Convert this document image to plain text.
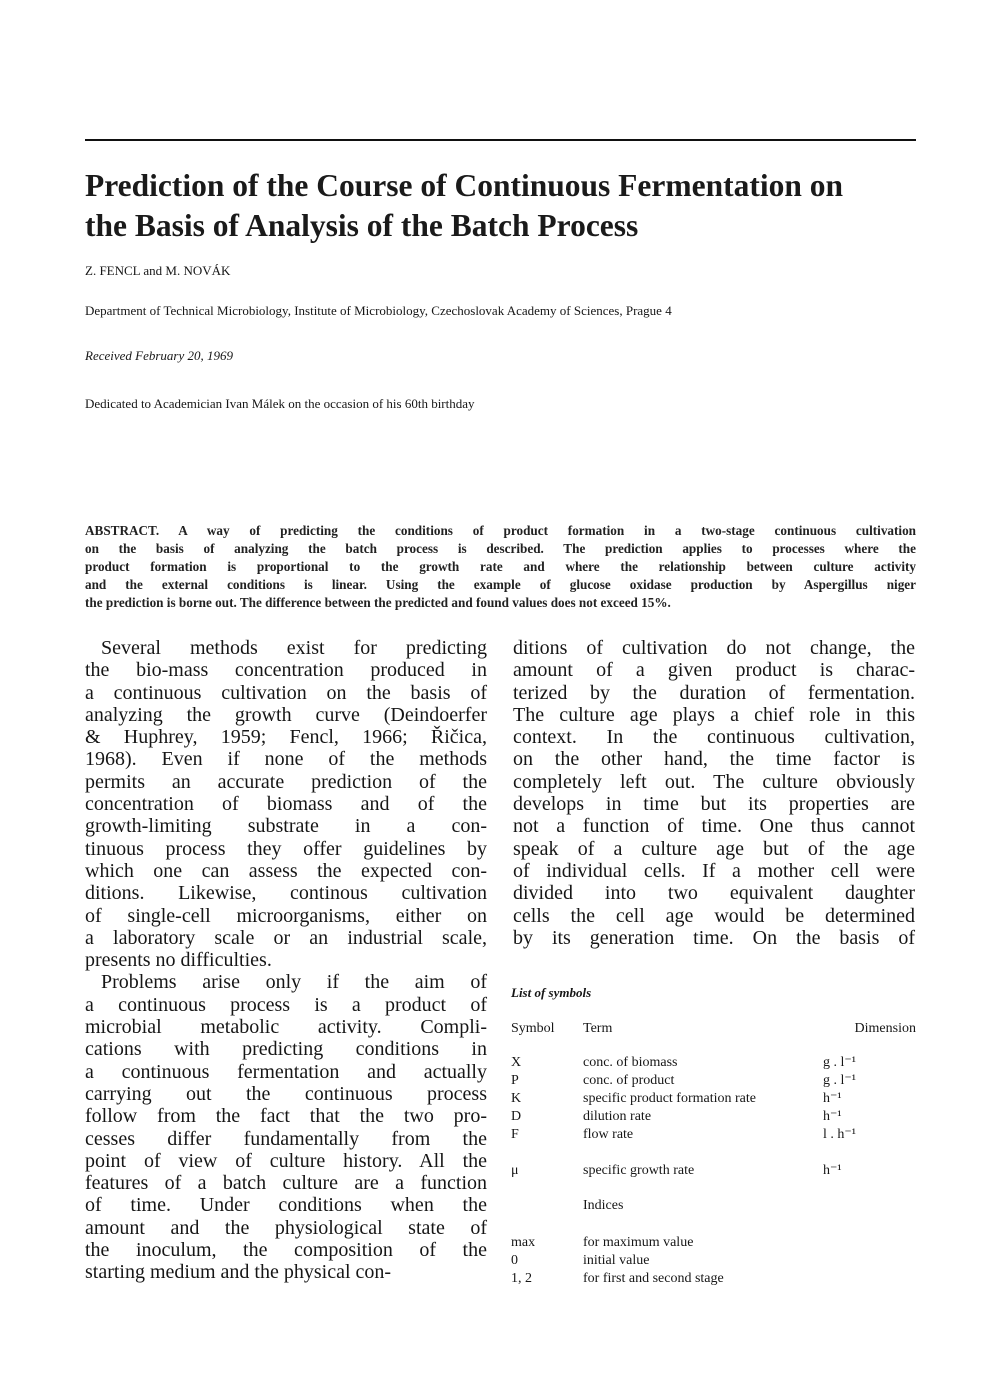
Prediction of the Course of Continuous Fermentation on
the Basis of Analysis of the Batch Process
Z. FENCL and M. NOVÁK
Department of Technical Microbiology, Institute of Microbiology, Czechoslovak Academy of Sciences, Prague 4
Received February 20, 1969
Dedicated to Academician Ivan Málek on the occasion of his 60th birthday
ABSTRACT. A way of predicting the conditions of product formation in a two-stage continuous cultivation
on the basis of analyzing the batch process is described. The prediction applies to processes where the
product formation is proportional to the growth rate and where the relationship between culture activity
and the external conditions is linear. Using the example of glucose oxidase production by Aspergillus niger
the prediction is borne out. The difference between the predicted and found values does not exceed 15%.
Several methods exist for predicting
the bio-mass concentration produced in
a continuous cultivation on the basis of
analyzing the growth curve (Deindoerfer
& Huphrey, 1959; Fencl, 1966; Řičica,
1968). Even if none of the methods
permits an accurate prediction of the
concentration of biomass and of the
growth-limiting substrate in a con-
tinuous process they offer guidelines by
which one can assess the expected con-
ditions. Likewise, continous cultivation
of single-cell microorganisms, either on
a laboratory scale or an industrial scale,
presents no difficulties.
Problems arise only if the aim of
a continuous process is a product of
microbial metabolic activity. Compli-
cations with predicting conditions in
a continuous fermentation and actually
carrying out the continuous process
follow from the fact that the two pro-
cesses differ fundamentally from the
point of view of culture history. All the
features of a batch culture are a function
of time. Under conditions when the
amount and the physiological state of
the inoculum, the composition of the
starting medium and the physical con-
ditions of cultivation do not change, the
amount of a given product is charac-
terized by the duration of fermentation.
The culture age plays a chief role in this
context. In the continuous cultivation,
on the other hand, the time factor is
completely left out. The culture obviously
develops in time but its properties are
not a function of time. One thus cannot
speak of a culture age but of the age
of individual cells. If a mother cell were
divided into two equivalent daughter
cells the cell age would be determined
by its generation time. On the basis of
List of symbols
Symbol	Term	Dimension
X	conc. of biomass	g . l⁻¹
P	conc. of product	g . l⁻¹
K	specific product formation rate	h⁻¹
D	dilution rate	h⁻¹
F	flow rate	l . h⁻¹
μ	specific growth rate	h⁻¹
Indices
max	for maximum value
0	initial value
1, 2	for first and second stage
